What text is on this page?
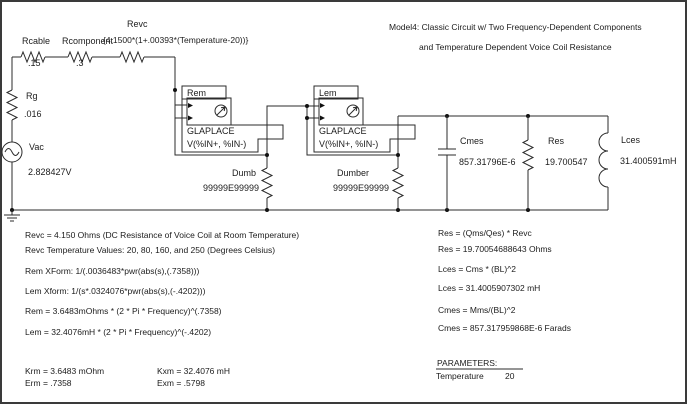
Model4: Classic Circuit w/ Two Frequency-Dependent Components
and Temperature Dependent Voice Coil Resistance
Rcable
.15
Rcomponent
.3
Revc
{4.1500*(1+.00393*(Temperature-20))}
Rg
.016
Vac
2.828427V
Rem
GLAPLACE
V(%IN+, %IN-)
Lem
GLAPLACE
V(%IN+, %IN-)
Dumb
99999E99999
Dumber
99999E99999
Cmes
857.31796E-6
Res
19.700547
Lces
31.400591mH
Revc = 4.150 Ohms (DC Resistance of Voice Coil at Room Temperature)
Revc Temperature Values: 20, 80, 160, and 250 (Degrees Celsius)
Rem XForm: 1/(.0036483*pwr(abs(s),(.7358)))
Lem Xform: 1/(s*.0324076*pwr(abs(s),(-.4202)))
Rem = 3.6483mOhms * (2 * Pi * Frequency)^(.7358)
Lem = 32.4076mH * (2 * Pi * Frequency)^(-.4202)
Krm = 3.6483 mOhm	Kxm = 32.4076 mH
Erm = .7358	Exm = .5798
Res = (Qms/Qes) * Revc
Res = 19.70054688643 Ohms
Lces = Cms * (BL)^2
Lces = 31.4005907302 mH
Cmes = Mms/(BL)^2
Cmes = 857.317959868E-6 Farads
PARAMETERS:
Temperature	20
